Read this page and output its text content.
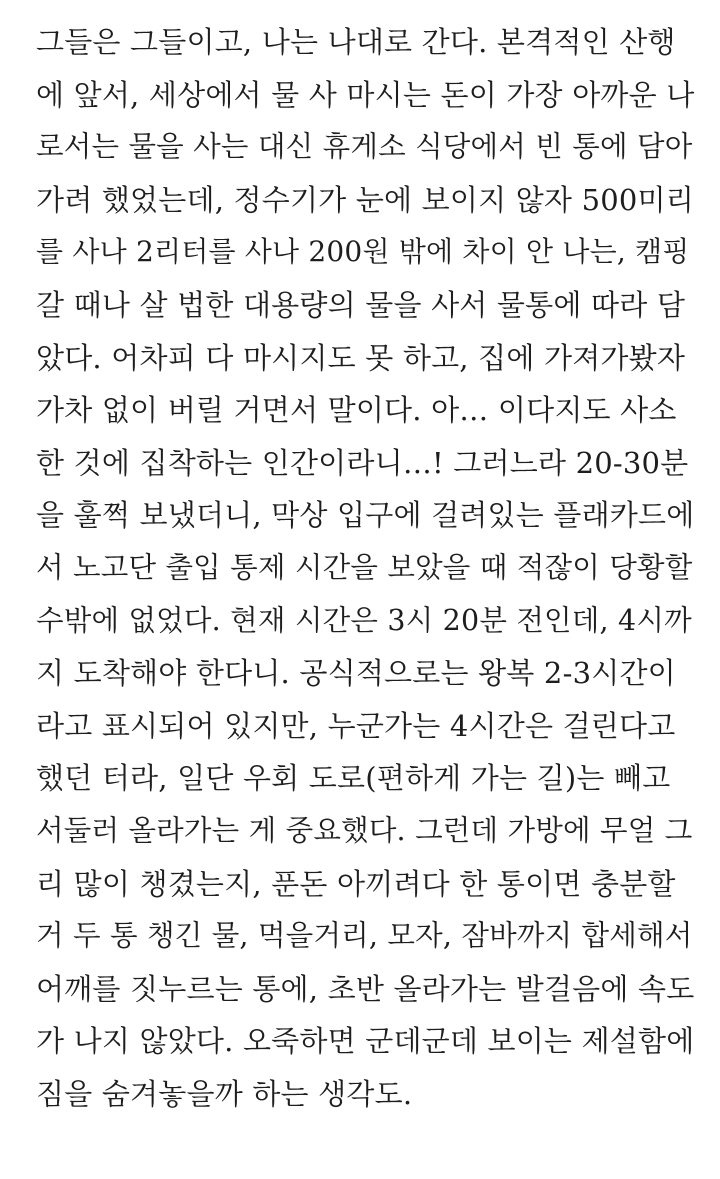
그들은 그들이고, 나는 나대로 간다. 본격적인 산행
에 앞서, 세상에서 물 사 마시는 돈이 가장 아까운 나
로서는 물을 사는 대신 휴게소 식당에서 빈 통에 담아
가려 했었는데, 정수기가 눈에 보이지 않자 500미리
를 사나 2리터를 사나 200원 밖에 차이 안 나는, 캠핑
갈 때나 살 법한 대용량의 물을 사서 물통에 따라 담
았다. 어차피 다 마시지도 못 하고, 집에 가져가봤자
가차 없이 버릴 거면서 말이다. 아… 이다지도 사소
한 것에 집착하는 인간이라니…! 그러느라 20-30분
을 훌쩍 보냈더니, 막상 입구에 걸려있는 플래카드에
서 노고단 출입 통제 시간을 보았을 때 적잖이 당황할
수밖에 없었다. 현재 시간은 3시 20분 전인데, 4시까
지 도착해야 한다니. 공식적으로는 왕복 2-3시간이
라고 표시되어 있지만, 누군가는 4시간은 걸린다고
했던 터라, 일단 우회 도로(편하게 가는 길)는 빼고
서둘러 올라가는 게 중요했다. 그런데 가방에 무얼 그
리 많이 챙겼는지, 푼돈 아끼려다 한 통이면 충분할
거 두 통 챙긴 물, 먹을거리, 모자, 잠바까지 합세해서
어깨를 짓누르는 통에, 초반 올라가는 발걸음에 속도
가 나지 않았다. 오죽하면 군데군데 보이는 제설함에
짐을 숨겨놓을까 하는 생각도.
